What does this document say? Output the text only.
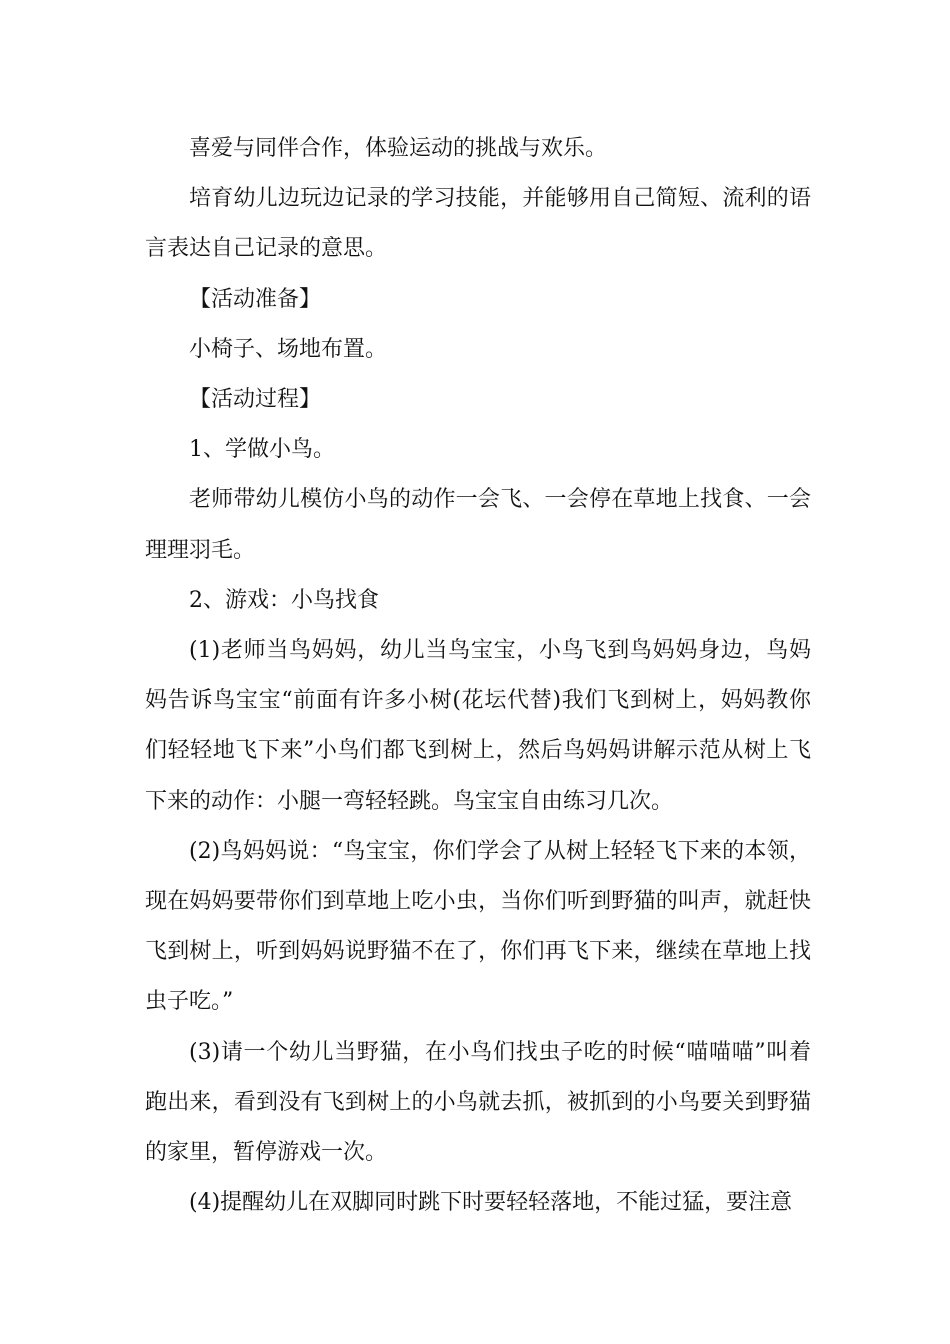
喜爱与同伴合作，体验运动的挑战与欢乐。

培育幼儿边玩边记录的学习技能，并能够用自己简短、流利的语言表达自己记录的意思。

【活动准备】

小椅子、场地布置。

【活动过程】

1、学做小鸟。

老师带幼儿模仿小鸟的动作一会飞、一会停在草地上找食、一会理理羽毛。

2、游戏：小鸟找食

(1)老师当鸟妈妈，幼儿当鸟宝宝，小鸟飞到鸟妈妈身边，鸟妈妈告诉鸟宝宝“前面有许多小树(花坛代替)我们飞到树上，妈妈教你们轻轻地飞下来”小鸟们都飞到树上，然后鸟妈妈讲解示范从树上飞下来的动作：小腿一弯轻轻跳。鸟宝宝自由练习几次。

(2)鸟妈妈说：“鸟宝宝，你们学会了从树上轻轻飞下来的本领，现在妈妈要带你们到草地上吃小虫，当你们听到野猫的叫声，就赶快飞到树上，听到妈妈说野猫不在了，你们再飞下来，继续在草地上找虫子吃。”

(3)请一个幼儿当野猫，在小鸟们找虫子吃的时候“喵喵喵”叫着跑出来，看到没有飞到树上的小鸟就去抓，被抓到的小鸟要关到野猫的家里，暂停游戏一次。

(4)提醒幼儿在双脚同时跳下时要轻轻落地，不能过猛，要注意
